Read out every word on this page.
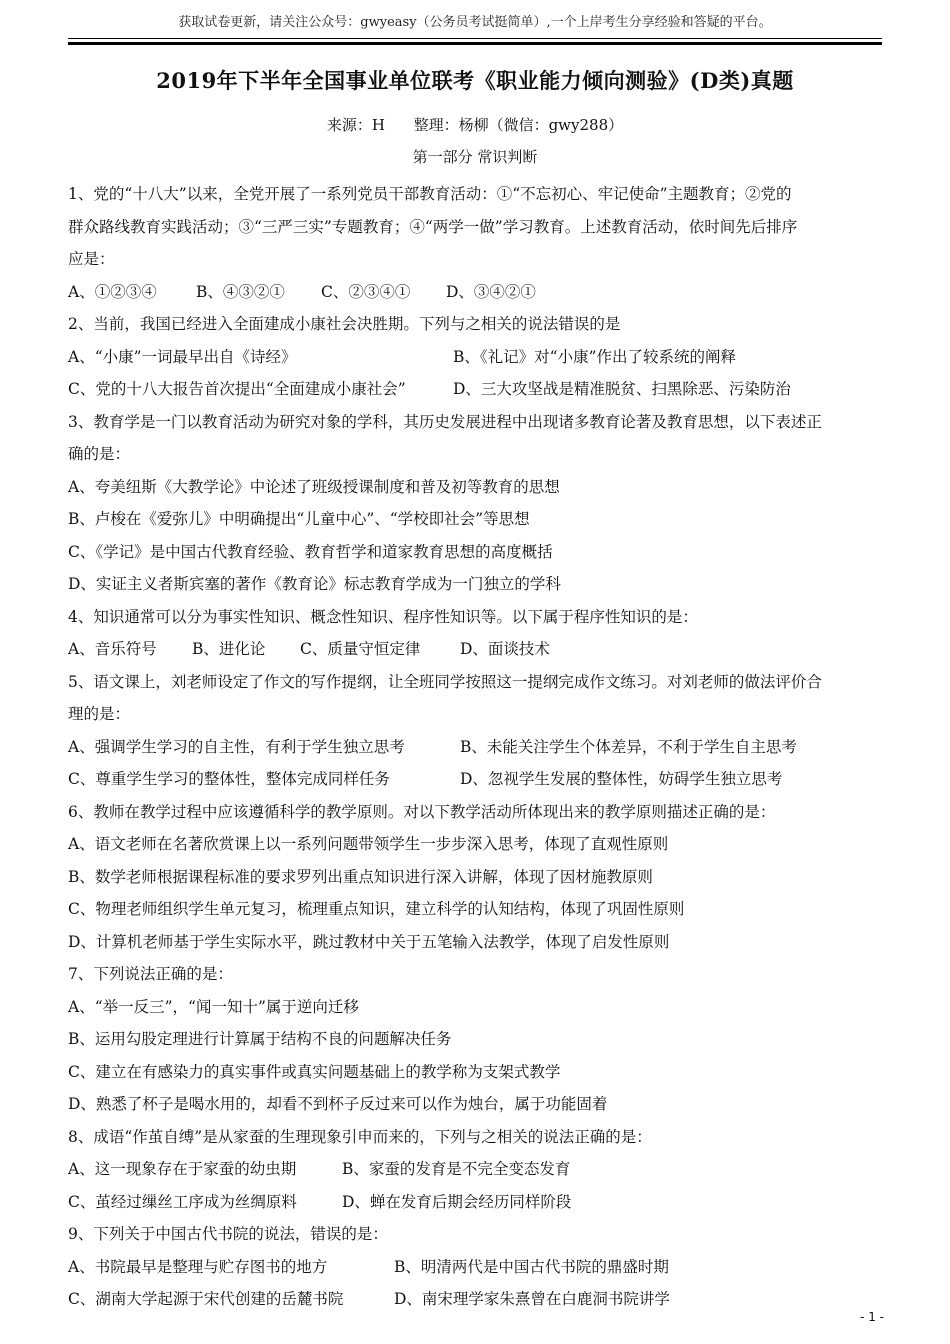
获取试卷更新，请关注公众号：gwyeasy（公务员考试挺简单）,一个上岸考生分享经验和答疑的平台。
2019年下半年全国事业单位联考《职业能力倾向测验》(D类)真题
来源：H      整理：杨柳（微信：gwy288）
第一部分 常识判断
1、党的“十八大”以来，全党开展了一系列党员干部教育活动：①“不忘初心、牢记使命”主题教育；②党的
群众路线教育实践活动；③“三严三实”专题教育；④“两学一做”学习教育。上述教育活动，依时间先后排序
应是：
A、①②③④	B、④③②① C、②③④① D、③④②①
2、当前，我国已经进入全面建成小康社会决胜期。下列与之相关的说法错误的是
A、“小康”一词最早出自《诗经》	B、《礼记》对“小康”作出了较系统的阐释
C、党的十八大报告首次提出“全面建成小康社会”	D、三大攻坚战是精准脱贫、扫黑除恶、污染防治
3、教育学是一门以教育活动为研究对象的学科，其历史发展进程中出现诸多教育论著及教育思想，以下表述正
确的是：
A、夸美纽斯《大教学论》中论述了班级授课制度和普及初等教育的思想
B、卢梭在《爱弥儿》中明确提出“儿童中心”、“学校即社会”等思想
C、《学记》是中国古代教育经验、教育哲学和道家教育思想的高度概括
D、实证主义者斯宾塞的著作《教育论》标志教育学成为一门独立的学科
4、知识通常可以分为事实性知识、概念性知识、程序性知识等。以下属于程序性知识的是：
A、音乐符号 B、进化论 C、质量守恒定律	D、面谈技术
5、语文课上，刘老师设定了作文的写作提纲，让全班同学按照这一提纲完成作文练习。对刘老师的做法评价合
理的是：
A、强调学生学习的自主性，有利于学生独立思考	B、未能关注学生个体差异，不利于学生自主思考
C、尊重学生学习的整体性，整体完成同样任务	D、忽视学生发展的整体性，妨碍学生独立思考
6、教师在教学过程中应该遵循科学的教学原则。对以下教学活动所体现出来的教学原则描述正确的是：
A、语文老师在名著欣赏课上以一系列问题带领学生一步步深入思考，体现了直观性原则
B、数学老师根据课程标准的要求罗列出重点知识进行深入讲解，体现了因材施教原则
C、物理老师组织学生单元复习，梳理重点知识，建立科学的认知结构，体现了巩固性原则
D、计算机老师基于学生实际水平，跳过教材中关于五笔输入法教学，体现了启发性原则
7、下列说法正确的是：
A、“举一反三”，“闻一知十”属于逆向迁移
B、运用勾股定理进行计算属于结构不良的问题解决任务
C、建立在有感染力的真实事件或真实问题基础上的教学称为支架式教学
D、熟悉了杯子是喝水用的，却看不到杯子反过来可以作为烛台，属于功能固着
8、成语“作茧自缚”是从家蚕的生理现象引申而来的，下列与之相关的说法正确的是：
A、这一现象存在于家蚕的幼虫期	B、家蚕的发育是不完全变态发育
C、茧经过缫丝工序成为丝绸原料	D、蝉在发育后期会经历同样阶段
9、下列关于中国古代书院的说法，错误的是：
A、书院最早是整理与贮存图书的地方	B、明清两代是中国古代书院的鼎盛时期
C、湖南大学起源于宋代创建的岳麓书院	D、南宋理学家朱熹曾在白鹿洞书院讲学
- 1 -
